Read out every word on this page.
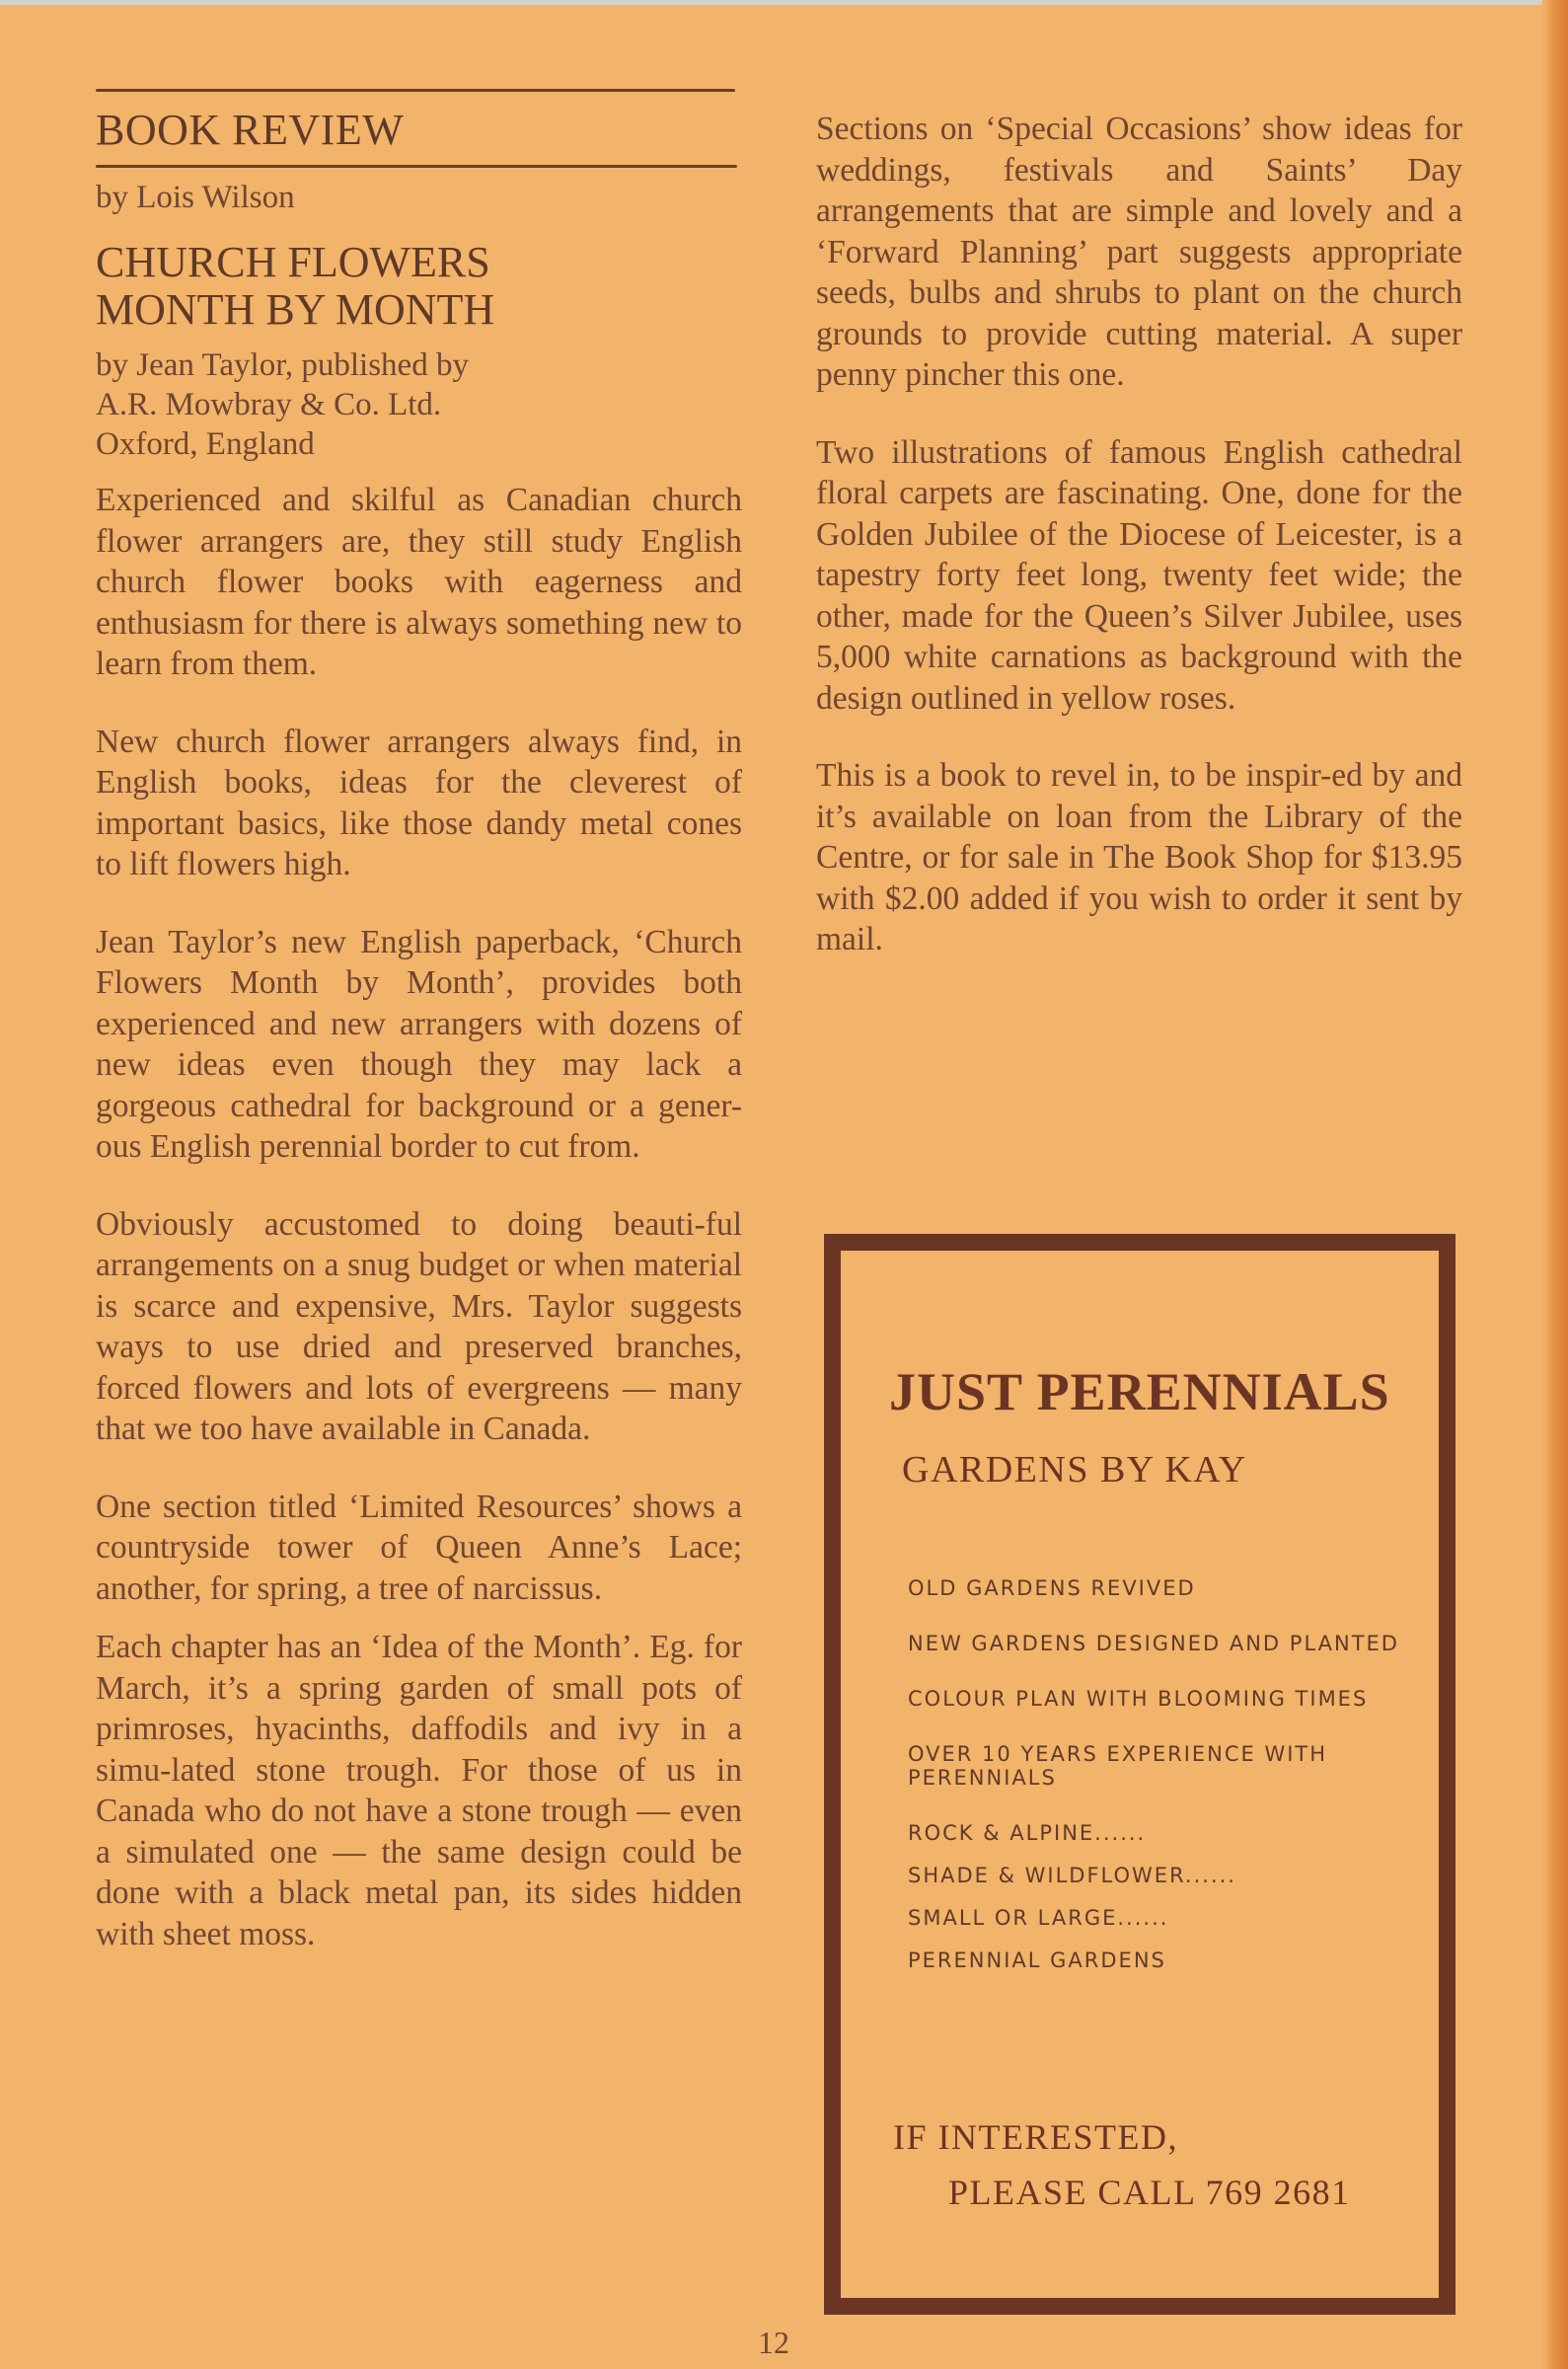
BOOK REVIEW
by Lois Wilson
CHURCH FLOWERS
MONTH BY MONTH
by Jean Taylor, published by
A.R. Mowbray & Co. Ltd.
Oxford, England

Experienced and skilful as Canadian church flower arrangers are, they still study English church flower books with eagerness and enthusiasm for there is always something new to learn from them.

New church flower arrangers always find, in English books, ideas for the cleverest of important basics, like those dandy metal cones to lift flowers high.

Jean Taylor’s new English paperback, ‘Church Flowers Month by Month’, provides both experienced and new arrangers with dozens of new ideas even though they may lack a gorgeous cathedral for background or a gener-ous English perennial border to cut from.

Obviously accustomed to doing beauti-ful arrangements on a snug budget or when material is scarce and expensive, Mrs. Taylor suggests ways to use dried and preserved branches, forced flowers and lots of evergreens — many that we too have available in Canada.

One section titled ‘Limited Resources’ shows a countryside tower of Queen Anne’s Lace; another, for spring, a tree of narcissus.

Each chapter has an ‘Idea of the Month’. Eg. for March, it’s a spring garden of small pots of primroses, hyacinths, daffodils and ivy in a simu-lated stone trough. For those of us in Canada who do not have a stone trough — even a simulated one — the same design could be done with a black metal pan, its sides hidden with sheet moss.

Sections on ‘Special Occasions’ show ideas for weddings, festivals and Saints’ Day arrangements that are simple and lovely and a ‘Forward Planning’ part suggests appropriate seeds, bulbs and shrubs to plant on the church grounds to provide cutting material. A super penny pincher this one.

Two illustrations of famous English cathedral floral carpets are fascinating. One, done for the Golden Jubilee of the Diocese of Leicester, is a tapestry forty feet long, twenty feet wide; the other, made for the Queen’s Silver Jubilee, uses 5,000 white carnations as background with the design outlined in yellow roses.

This is a book to revel in, to be inspir-ed by and it’s available on loan from the Library of the Centre, or for sale in The Book Shop for $13.95 with $2.00 added if you wish to order it sent by mail.

JUST PERENNIALS
GARDENS BY KAY
OLD GARDENS REVIVED
NEW GARDENS DESIGNED AND PLANTED
COLOUR PLAN WITH BLOOMING TIMES
OVER 10 YEARS EXPERIENCE WITH PERENNIALS
ROCK & ALPINE......
SHADE & WILDFLOWER......
SMALL OR LARGE......
PERENNIAL GARDENS
IF INTERESTED,
PLEASE CALL 769 2681
12
